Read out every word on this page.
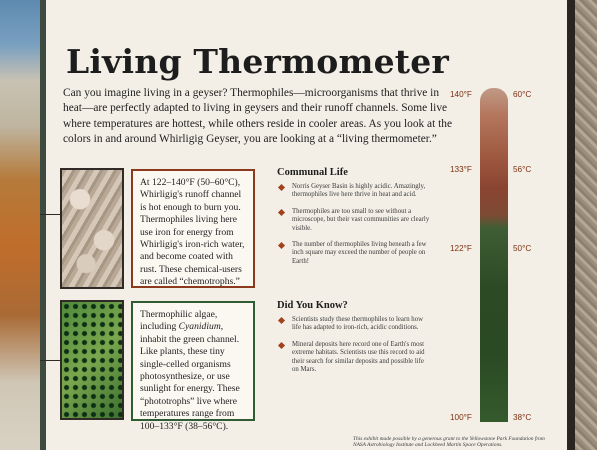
Living Thermometer

Can you imagine living in a geyser? Thermophiles—microorganisms that thrive in heat—are perfectly adapted to living in geysers and their runoff channels. Some live where temperatures are hottest, while others reside in cooler areas. As you look at the colors in and around Whirligig Geyser, you are looking at a “living thermometer.”

At 122–140°F (50–60°C), Whirligig's runoff channel is hot enough to burn you. Thermophiles living here use iron for energy from Whirligig's iron-rich water, and become coated with rust. These chemical-users are called “chemotrophs.”
Thermophilic algae, including Cyanidium, inhabit the green channel. Like plants, these tiny single-celled organisms photosynthesize, or use sunlight for energy. These “phototrophs” live where temperatures range from 100–133°F (38–56°C).
Communal Life
Norris Geyser Basin is highly acidic. Amazingly, thermophiles live here thrive in heat and acid.
Thermophiles are too small to see without a microscope, but their vast communities are clearly visible.
The number of thermophiles living beneath a few inch square may exceed the number of people on Earth!
Did You Know?
Scientists study these thermophiles to learn how life has adapted to iron-rich, acidic conditions.
Mineral deposits here record one of Earth's most extreme habitats. Scientists use this record to aid their search for similar deposits and possible life on Mars.
140°F	60°C
133°F	56°C
122°F	50°C
100°F	38°C

This exhibit made possible by a generous grant to the Yellowstone Park Foundation from NASA Astrobiology Institute and Lockheed Martin Space Operations.
